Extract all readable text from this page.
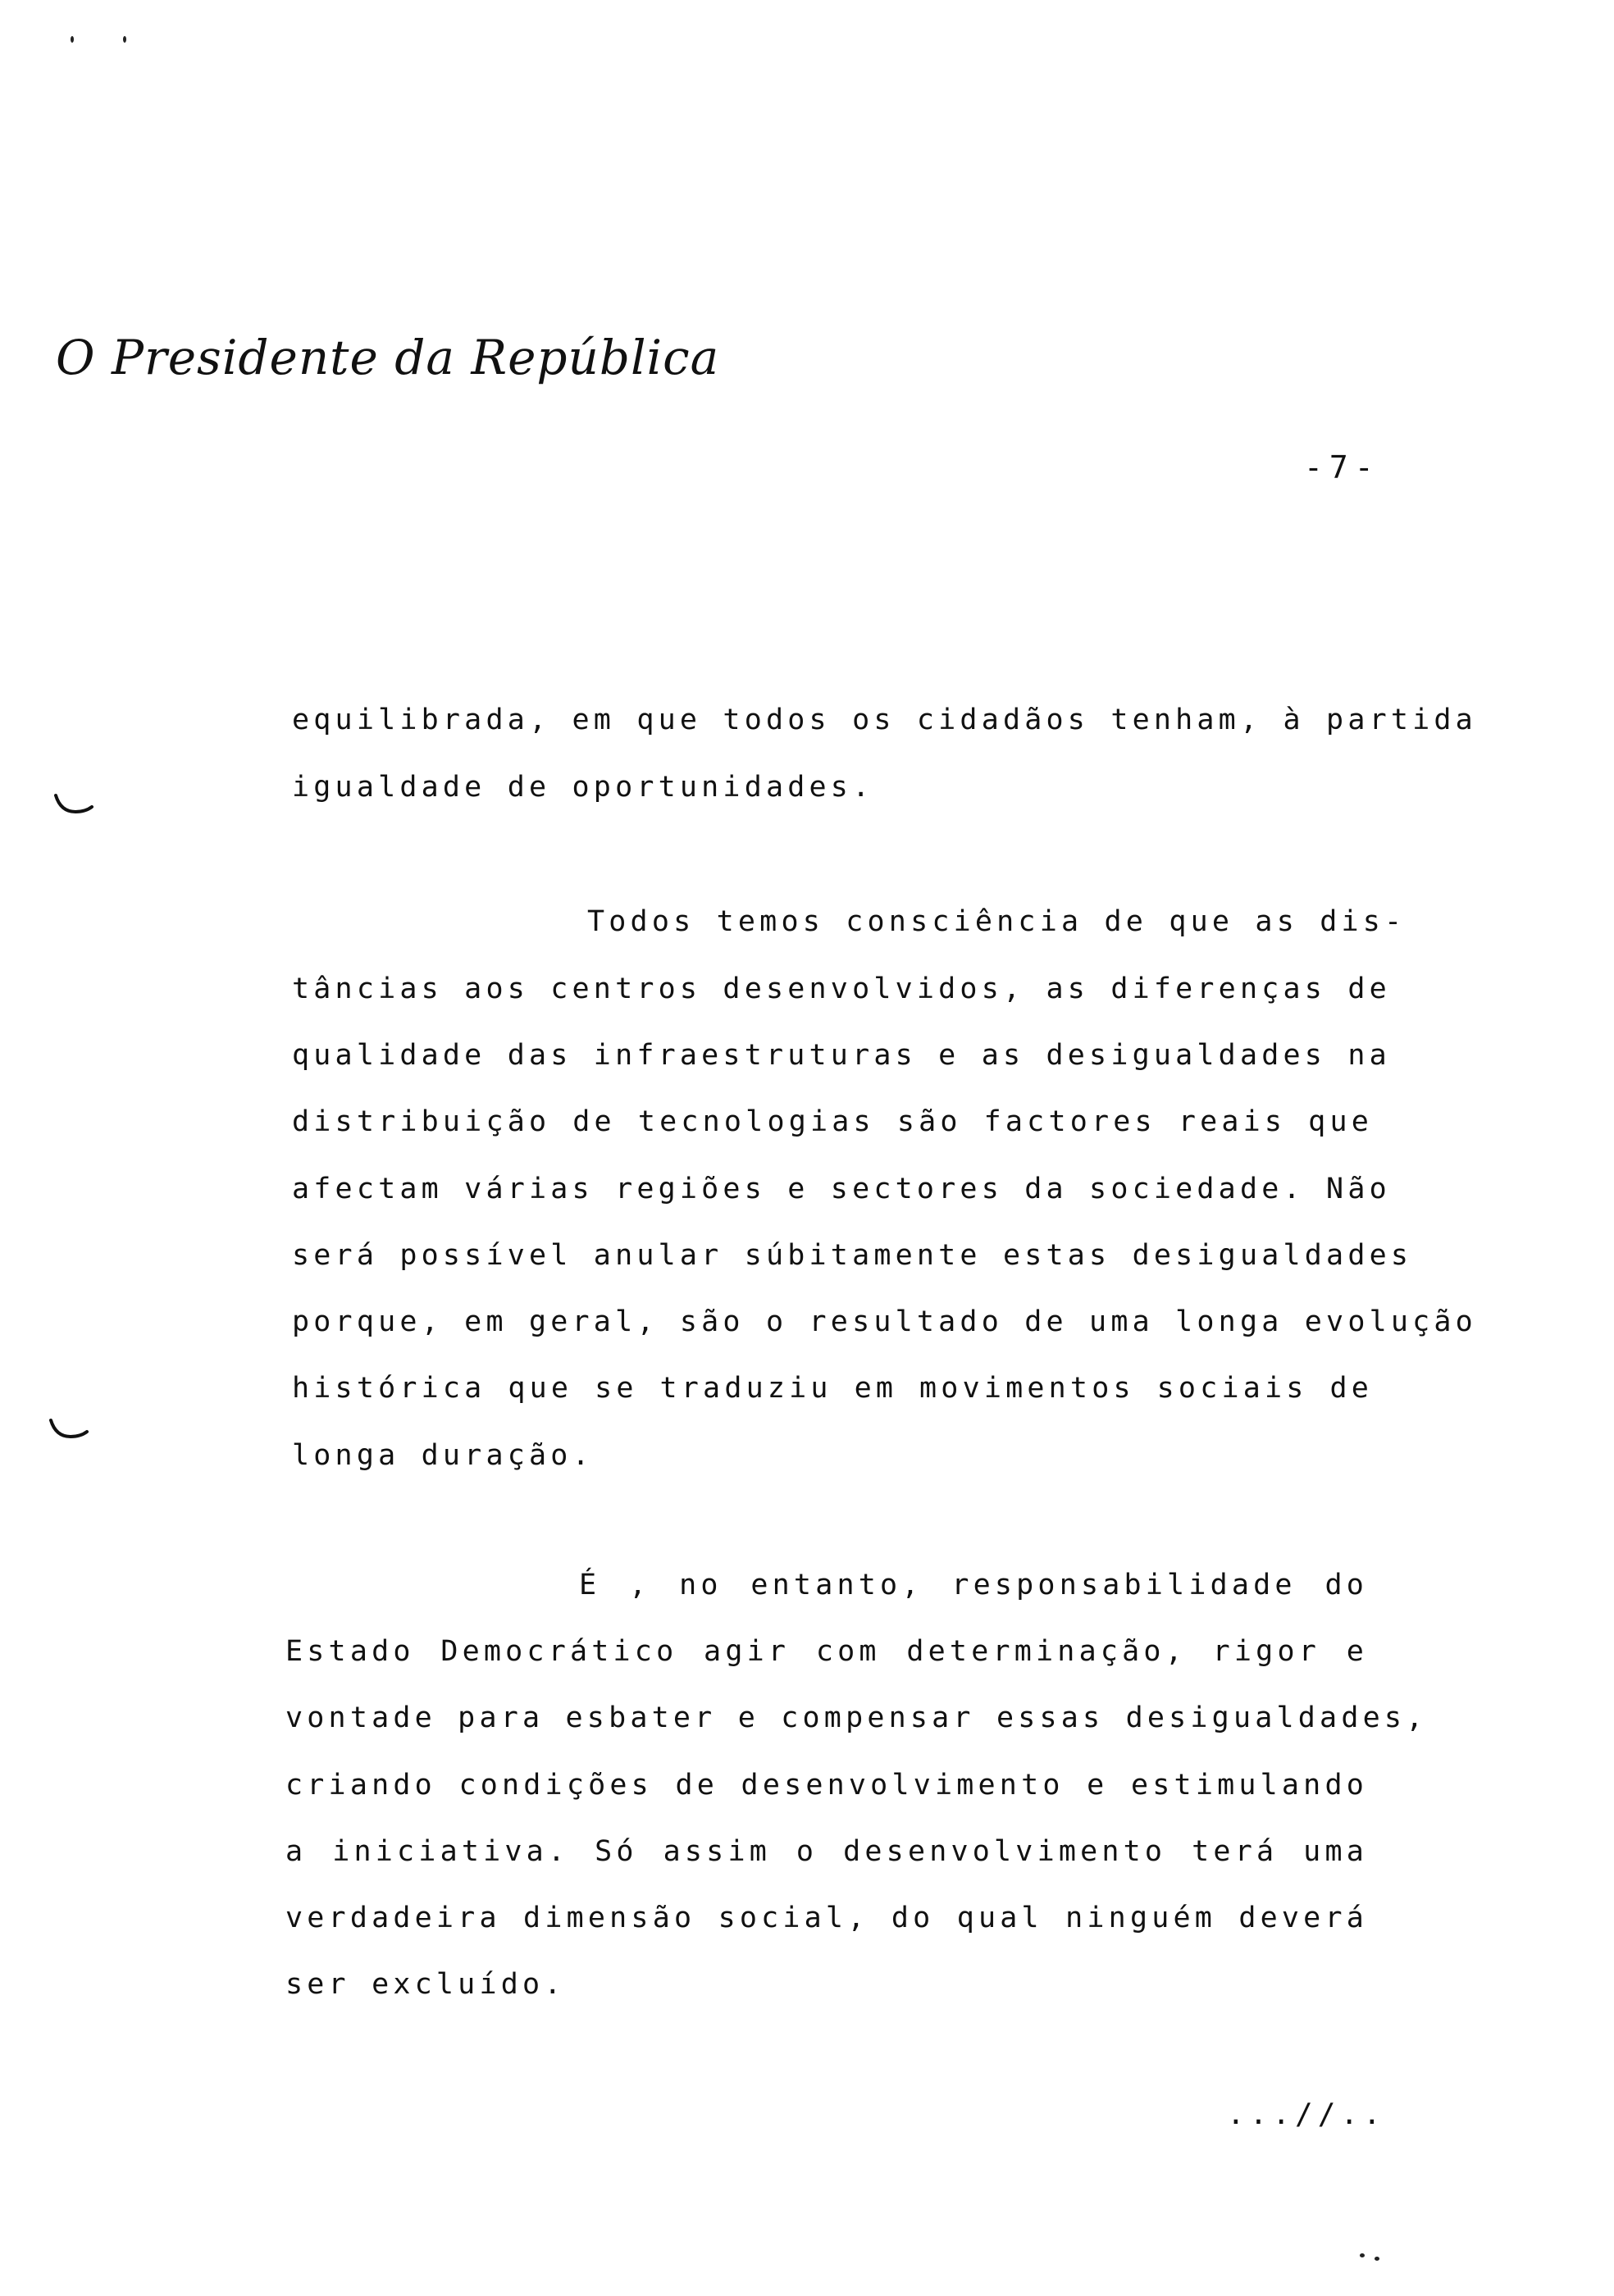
O Presidente da República
-7-
equilibrada, em que todos os cidadãos tenham, à partida
igualdade de oportunidades.
Todos temos consciência de que as dis-
tâncias aos centros desenvolvidos, as diferenças de
qualidade das infraestruturas e as desigualdades na
distribuição de tecnologias são factores reais que
afectam várias regiões e sectores da sociedade. Não
será possível anular súbitamente estas desigualdades
porque, em geral, são o resultado de uma longa evolução
histórica que se traduziu em movimentos sociais de
longa duração.
É , no entanto, responsabilidade do
Estado Democrático agir com determinação, rigor e
vontade para esbater e compensar essas desigualdades,
criando condições de desenvolvimento e estimulando
a iniciativa. Só assim o desenvolvimento terá uma
verdadeira dimensão social, do qual ninguém deverá
ser excluído.
...//..
